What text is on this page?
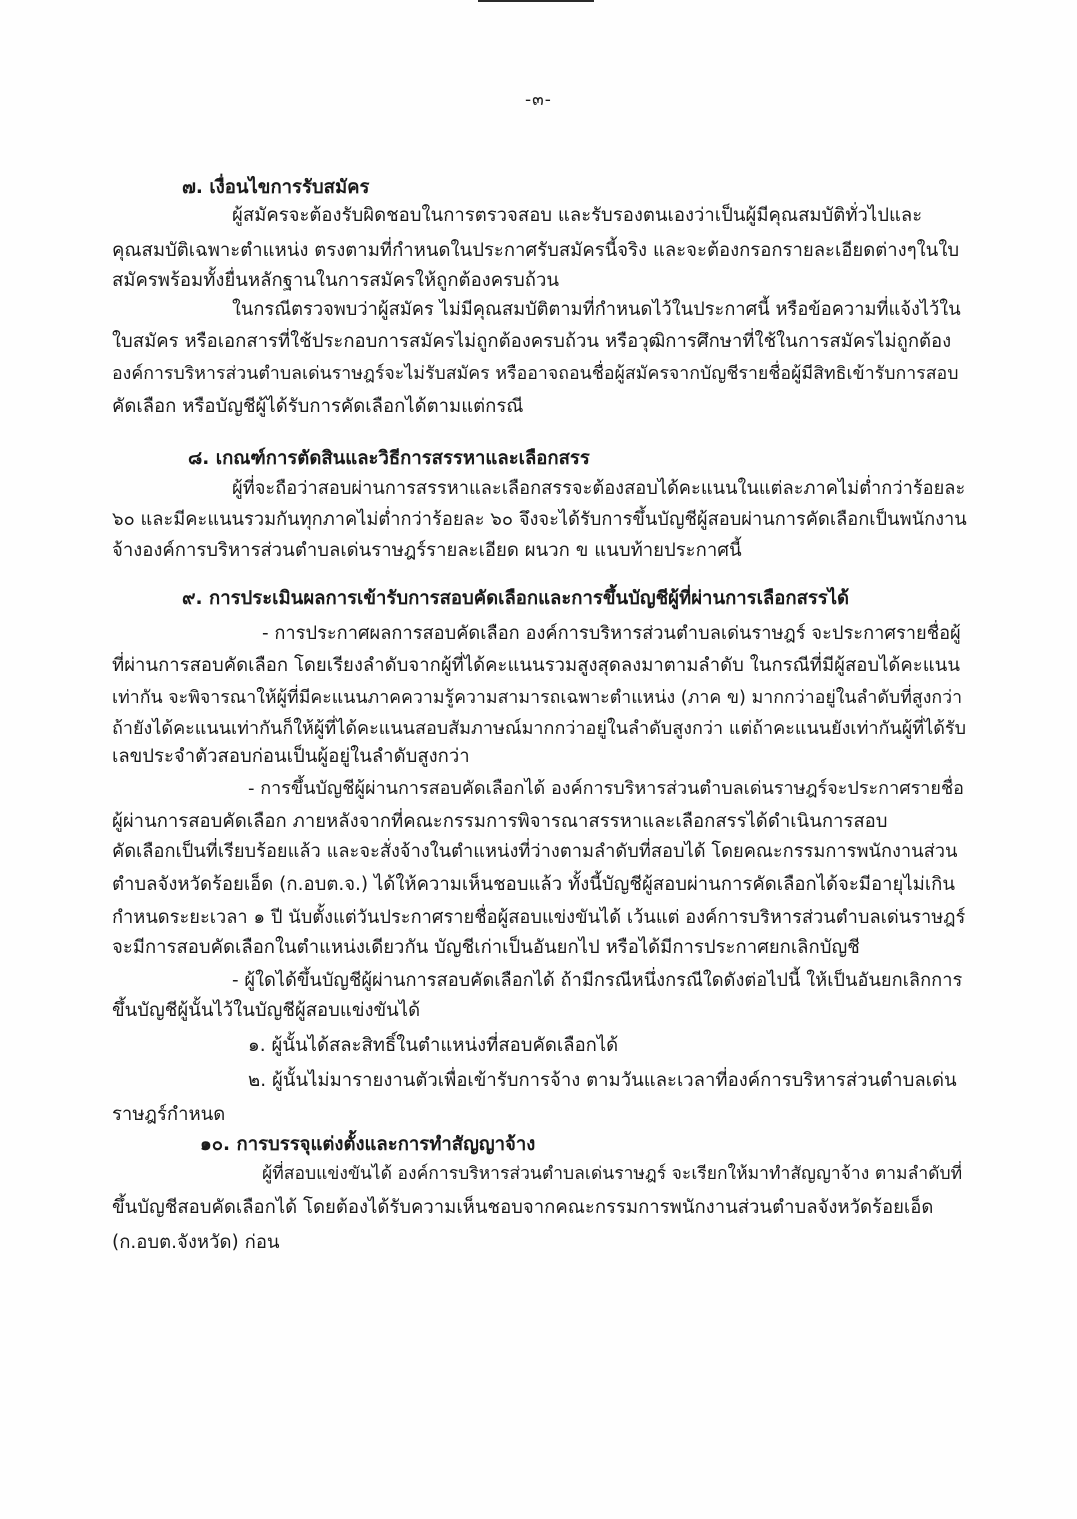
-๓-
๗. เงื่อนไขการรับสมัคร
ผู้สมัครจะต้องรับผิดชอบในการตรวจสอบ และรับรองตนเองว่าเป็นผู้มีคุณสมบัติทั่วไปและ
คุณสมบัติเฉพาะตำแหน่ง ตรงตามที่กำหนดในประกาศรับสมัครนี้จริง และจะต้องกรอกรายละเอียดต่างๆในใบ
สมัครพร้อมทั้งยื่นหลักฐานในการสมัครให้ถูกต้องครบถ้วน
ในกรณีตรวจพบว่าผู้สมัคร ไม่มีคุณสมบัติตามที่กำหนดไว้ในประกาศนี้ หรือข้อความที่แจ้งไว้ใน
ใบสมัคร หรือเอกสารที่ใช้ประกอบการสมัครไม่ถูกต้องครบถ้วน หรือวุฒิการศึกษาที่ใช้ในการสมัครไม่ถูกต้อง
องค์การบริหารส่วนตำบลเด่นราษฎร์จะไม่รับสมัคร หรืออาจถอนชื่อผู้สมัครจากบัญชีรายชื่อผู้มีสิทธิเข้ารับการสอบ
คัดเลือก หรือบัญชีผู้ได้รับการคัดเลือกได้ตามแต่กรณี
๘. เกณฑ์การตัดสินและวิธีการสรรหาและเลือกสรร
ผู้ที่จะถือว่าสอบผ่านการสรรหาและเลือกสรรจะต้องสอบได้คะแนนในแต่ละภาคไม่ต่ำกว่าร้อยละ
๖๐ และมีคะแนนรวมกันทุกภาคไม่ต่ำกว่าร้อยละ ๖๐ จึงจะได้รับการขึ้นบัญชีผู้สอบผ่านการคัดเลือกเป็นพนักงาน
จ้างองค์การบริหารส่วนตำบลเด่นราษฎร์รายละเอียด ผนวก ข แนบท้ายประกาศนี้
๙. การประเมินผลการเข้ารับการสอบคัดเลือกและการขึ้นบัญชีผู้ที่ผ่านการเลือกสรรได้
- การประกาศผลการสอบคัดเลือก องค์การบริหารส่วนตำบลเด่นราษฎร์ จะประกาศรายชื่อผู้
ที่ผ่านการสอบคัดเลือก โดยเรียงลำดับจากผู้ที่ได้คะแนนรวมสูงสุดลงมาตามลำดับ ในกรณีที่มีผู้สอบได้คะแนน
เท่ากัน จะพิจารณาให้ผู้ที่มีคะแนนภาคความรู้ความสามารถเฉพาะตำแหน่ง (ภาค ข) มากกว่าอยู่ในลำดับที่สูงกว่า
ถ้ายังได้คะแนนเท่ากันก็ให้ผู้ที่ได้คะแนนสอบสัมภาษณ์มากกว่าอยู่ในลำดับสูงกว่า แต่ถ้าคะแนนยังเท่ากันผู้ที่ได้รับ
เลขประจำตัวสอบก่อนเป็นผู้อยู่ในลำดับสูงกว่า
- การขึ้นบัญชีผู้ผ่านการสอบคัดเลือกได้ องค์การบริหารส่วนตำบลเด่นราษฎร์จะประกาศรายชื่อ
ผู้ผ่านการสอบคัดเลือก ภายหลังจากที่คณะกรรมการพิจารณาสรรหาและเลือกสรรได้ดำเนินการสอบ
คัดเลือกเป็นที่เรียบร้อยแล้ว และจะสั่งจ้างในตำแหน่งที่ว่างตามลำดับที่สอบได้ โดยคณะกรรมการพนักงานส่วน
ตำบลจังหวัดร้อยเอ็ด (ก.อบต.จ.) ได้ให้ความเห็นชอบแล้ว ทั้งนี้บัญชีผู้สอบผ่านการคัดเลือกได้จะมีอายุไม่เกิน
กำหนดระยะเวลา ๑ ปี นับตั้งแต่วันประกาศรายชื่อผู้สอบแข่งขันได้ เว้นแต่ องค์การบริหารส่วนตำบลเด่นราษฎร์
จะมีการสอบคัดเลือกในตำแหน่งเดียวกัน บัญชีเก่าเป็นอันยกไป หรือได้มีการประกาศยกเลิกบัญชี
- ผู้ใดได้ขึ้นบัญชีผู้ผ่านการสอบคัดเลือกได้ ถ้ามีกรณีหนึ่งกรณีใดดังต่อไปนี้ ให้เป็นอันยกเลิกการ
ขึ้นบัญชีผู้นั้นไว้ในบัญชีผู้สอบแข่งขันได้
๑. ผู้นั้นได้สละสิทธิ์ในตำแหน่งที่สอบคัดเลือกได้
๒. ผู้นั้นไม่มารายงานตัวเพื่อเข้ารับการจ้าง ตามวันและเวลาที่องค์การบริหารส่วนตำบลเด่น
ราษฎร์กำหนด
๑๐. การบรรจุแต่งตั้งและการทำสัญญาจ้าง
ผู้ที่สอบแข่งขันได้ องค์การบริหารส่วนตำบลเด่นราษฎร์ จะเรียกให้มาทำสัญญาจ้าง ตามลำดับที่
ขึ้นบัญชีสอบคัดเลือกได้ โดยต้องได้รับความเห็นชอบจากคณะกรรมการพนักงานส่วนตำบลจังหวัดร้อยเอ็ด
(ก.อบต.จังหวัด) ก่อน
